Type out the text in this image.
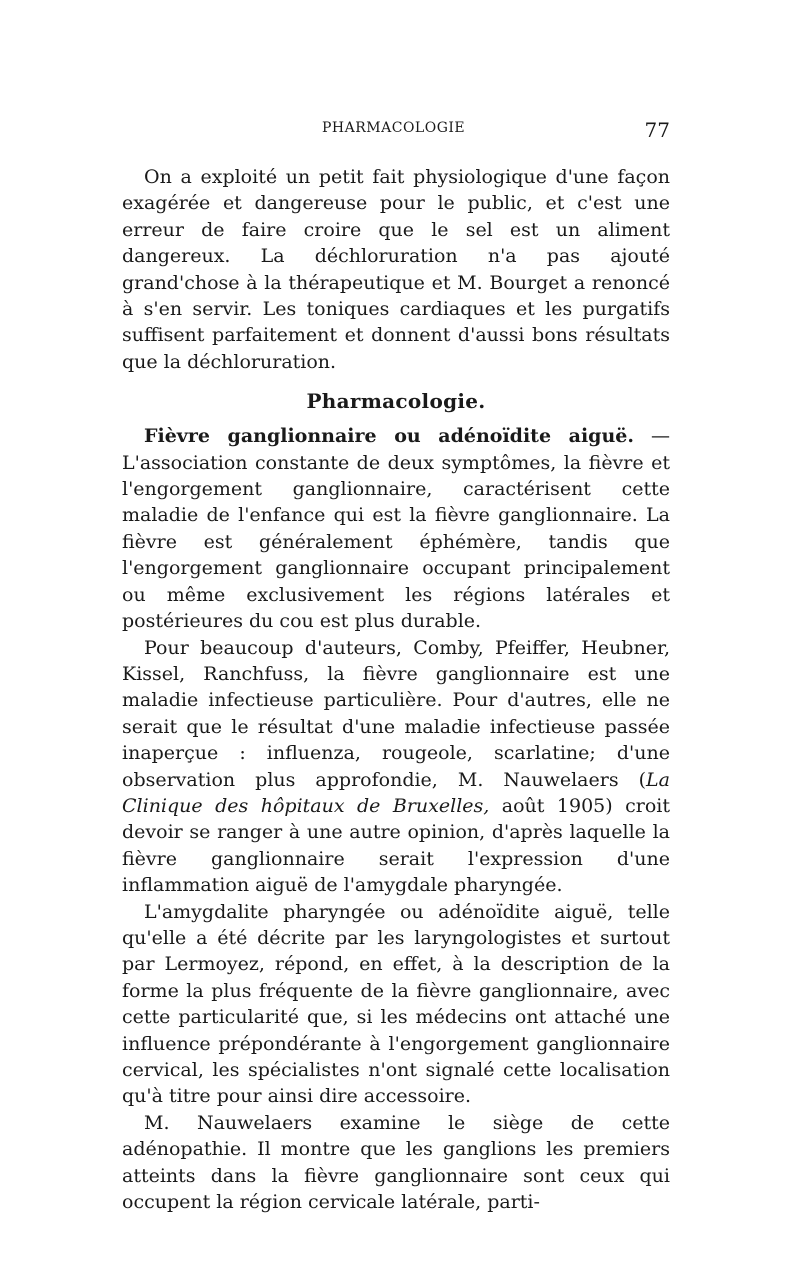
PHARMACOLOGIE	77

On a exploité un petit fait physiologique d'une façon exagérée et dangereuse pour le public, et c'est une erreur de faire croire que le sel est un aliment dangereux. La déchloruration n'a pas ajouté grand'chose à la thérapeutique et M. Bourget a renoncé à s'en servir. Les toniques cardiaques et les purgatifs suffisent parfaitement et donnent d'aussi bons résultats que la déchloruration.

Pharmacologie.

Fièvre ganglionnaire ou adénoïdite aiguë. — L'association constante de deux symptômes, la fièvre et l'engorgement ganglionnaire, caractérisent cette maladie de l'enfance qui est la fièvre ganglionnaire. La fièvre est généralement éphémère, tandis que l'engorgement ganglionnaire occupant principalement ou même exclusivement les régions latérales et postérieures du cou est plus durable.

Pour beaucoup d'auteurs, Comby, Pfeiffer, Heubner, Kissel, Ranchfuss, la fièvre ganglionnaire est une maladie infectieuse particulière. Pour d'autres, elle ne serait que le résultat d'une maladie infectieuse passée inaperçue : influenza, rougeole, scarlatine; d'une observation plus approfondie, M. Nauwelaers (La Clinique des hôpitaux de Bruxelles, août 1905) croit devoir se ranger à une autre opinion, d'après laquelle la fièvre ganglionnaire serait l'expression d'une inflammation aiguë de l'amygdale pharyngée.

L'amygdalite pharyngée ou adénoïdite aiguë, telle qu'elle a été décrite par les laryngologistes et surtout par Lermoyez, répond, en effet, à la description de la forme la plus fréquente de la fièvre ganglionnaire, avec cette particularité que, si les médecins ont attaché une influence prépondérante à l'engorgement ganglionnaire cervical, les spécialistes n'ont signalé cette localisation qu'à titre pour ainsi dire accessoire.

M. Nauwelaers examine le siège de cette adénopathie. Il montre que les ganglions les premiers atteints dans la fièvre ganglionnaire sont ceux qui occupent la région cervicale latérale, parti-
